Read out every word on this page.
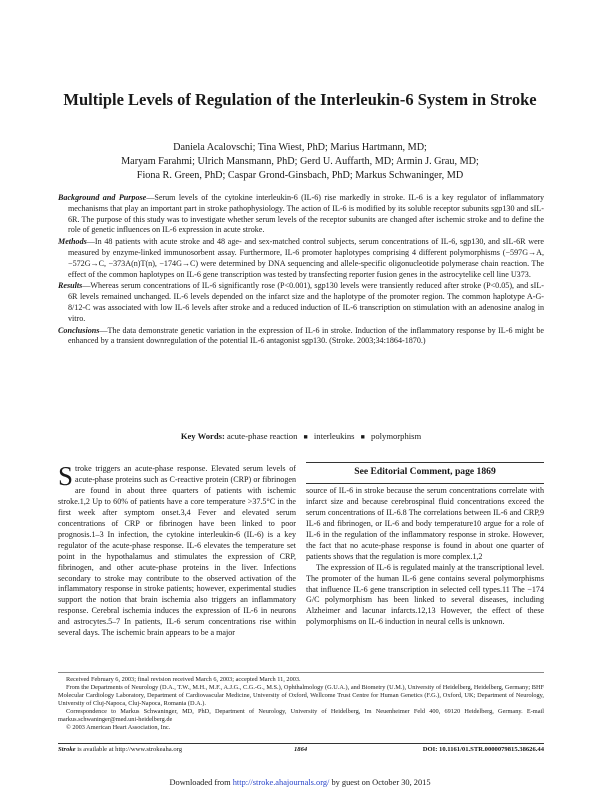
Multiple Levels of Regulation of the Interleukin-6 System in Stroke
Daniela Acalovschi; Tina Wiest, PhD; Marius Hartmann, MD;
Maryam Farahmi; Ulrich Mansmann, PhD; Gerd U. Auffarth, MD; Armin J. Grau, MD;
Fiona R. Green, PhD; Caspar Grond-Ginsbach, PhD; Markus Schwaninger, MD

Background and Purpose—Serum levels of the cytokine interleukin-6 (IL-6) rise markedly in stroke. IL-6 is a key regulator of inflammatory mechanisms that play an important part in stroke pathophysiology. The action of IL-6 is modified by its soluble receptor subunits sgp130 and sIL-6R. The purpose of this study was to investigate whether serum levels of the receptor subunits are changed after ischemic stroke and to define the role of genetic influences on IL-6 expression in acute stroke.

Methods—In 48 patients with acute stroke and 48 age- and sex-matched control subjects, serum concentrations of IL-6, sgp130, and sIL-6R were measured by enzyme-linked immunosorbent assay. Furthermore, IL-6 promoter haplotypes comprising 4 different polymorphisms (−597G→A, −572G→C, −373A(n)T(n), −174G→C) were determined by DNA sequencing and allele-specific oligonucleotide polymerase chain reaction. The effect of the common haplotypes on IL-6 gene transcription was tested by transfecting reporter fusion genes in the astrocytelike cell line U373.

Results—Whereas serum concentrations of IL-6 significantly rose (P<0.001), sgp130 levels were transiently reduced after stroke (P<0.05), and sIL-6R levels remained unchanged. IL-6 levels depended on the infarct size and the haplotype of the promoter region. The common haplotype A-G-8/12-C was associated with low IL-6 levels after stroke and a reduced induction of IL-6 transcription on stimulation with an adenosine analog in vitro.

Conclusions—The data demonstrate genetic variation in the expression of IL-6 in stroke. Induction of the inflammatory response by IL-6 might be enhanced by a transient downregulation of the potential IL-6 antagonist sgp130. (Stroke. 2003;34:1864-1870.)

Key Words: acute-phase reaction ■ interleukins ■ polymorphism

Stroke triggers an acute-phase response. Elevated serum levels of acute-phase proteins such as C-reactive protein (CRP) or fibrinogen are found in about three quarters of patients with ischemic stroke.1,2 Up to 60% of patients have a core temperature >37.5°C in the first week after symptom onset.3,4 Fever and elevated serum concentrations of CRP or fibrinogen have been linked to poor prognosis.1–3 In infection, the cytokine interleukin-6 (IL-6) is a key regulator of the acute-phase response. IL-6 elevates the temperature set point in the hypothalamus and stimulates the expression of CRP, fibrinogen, and other acute-phase proteins in the liver. Infections secondary to stroke may contribute to the observed activation of the inflammatory response in stroke patients; however, experimental studies support the notion that brain ischemia also triggers an inflammatory response. Cerebral ischemia induces the expression of IL-6 in neurons and astrocytes.5–7 In patients, IL-6 serum concentrations rise within several days. The ischemic brain appears to be a major

See Editorial Comment, page 1869

source of IL-6 in stroke because the serum concentrations correlate with infarct size and because cerebrospinal fluid concentrations exceed the serum concentrations of IL-6.8 The correlations between IL-6 and CRP,9 IL-6 and fibrinogen, or IL-6 and body temperature10 argue for a role of IL-6 in the regulation of the inflammatory response in stroke. However, the fact that no acute-phase response is found in about one quarter of patients shows that the regulation is more complex.1,2

The expression of IL-6 is regulated mainly at the transcriptional level. The promoter of the human IL-6 gene contains several polymorphisms that influence IL-6 gene transcription in selected cell types.11 The −174 G/C polymorphism has been linked to several diseases, including Alzheimer and lacunar infarcts.12,13 However, the effect of these polymorphisms on IL-6 induction in neural cells is unknown.

Received February 6, 2003; final revision received March 6, 2003; accepted March 11, 2003.

From the Departments of Neurology (D.A., T.W., M.H., M.F., A.J.G., C.G.-G., M.S.), Ophthalmology (G.U.A.), and Biometry (U.M.), University of Heidelberg, Heidelberg, Germany; BHF Molecular Cardiology Laboratory, Department of Cardiovascular Medicine, University of Oxford, Wellcome Trust Centre for Human Genetics (F.G.), Oxford, UK; Department of Neurology, University of Cluj-Napoca, Cluj-Napoca, Romania (D.A.).

Correspondence to Markus Schwaninger, MD, PhD, Department of Neurology, University of Heidelberg, Im Neuenheimer Feld 400, 69120 Heidelberg, Germany. E-mail markus.schwaninger@med.uni-heidelberg.de

© 2003 American Heart Association, Inc.

Stroke is available at http://www.strokeaha.org	1864	DOI: 10.1161/01.STR.0000079815.38626.44
Downloaded from http://stroke.ahajournals.org/ by guest on October 30, 2015
